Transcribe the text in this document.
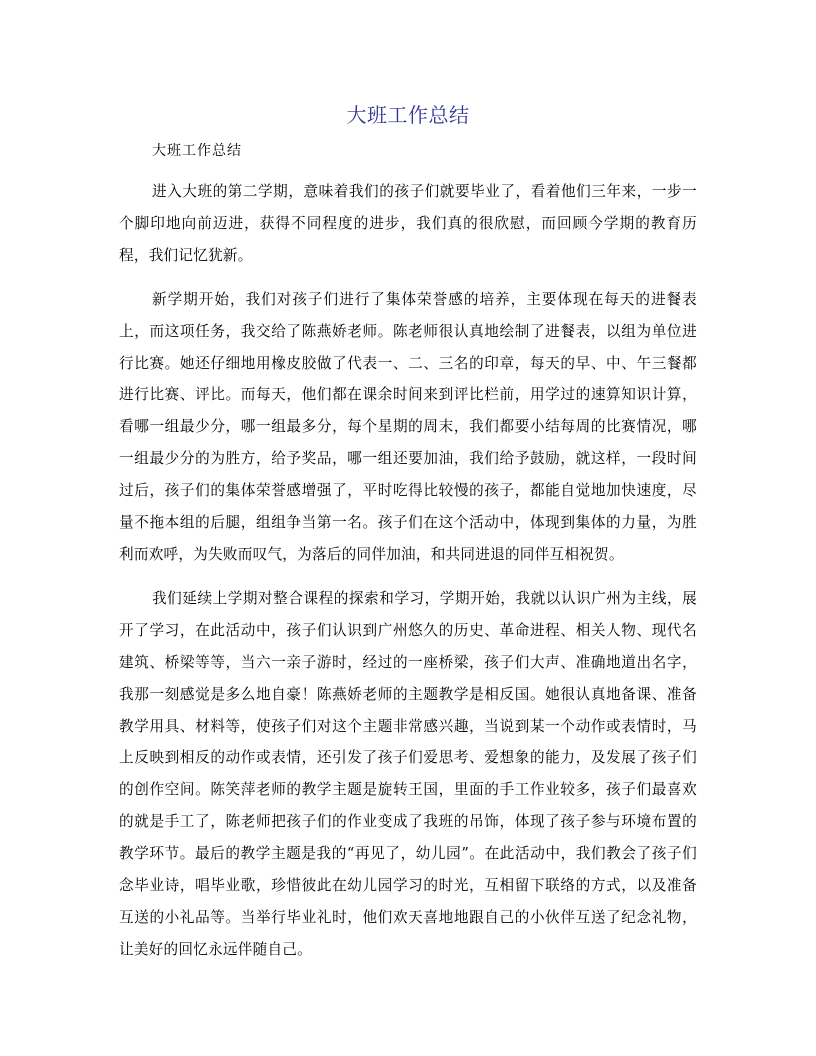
大班工作总结
大班工作总结

进入大班的第二学期，意味着我们的孩子们就要毕业了，看着他们三年来，一步一个脚印地向前迈进，获得不同程度的进步，我们真的很欣慰，而回顾今学期的教育历程，我们记忆犹新。

新学期开始，我们对孩子们进行了集体荣誉感的培养，主要体现在每天的进餐表上，而这项任务，我交给了陈燕娇老师。陈老师很认真地绘制了进餐表，以组为单位进行比赛。她还仔细地用橡皮胶做了代表一、二、三名的印章，每天的早、中、午三餐都进行比赛、评比。而每天，他们都在课余时间来到评比栏前，用学过的速算知识计算，看哪一组最少分，哪一组最多分，每个星期的周末，我们都要小结每周的比赛情况，哪一组最少分的为胜方，给予奖品，哪一组还要加油，我们给予鼓励，就这样，一段时间过后，孩子们的集体荣誉感增强了，平时吃得比较慢的孩子，都能自觉地加快速度，尽量不拖本组的后腿，组组争当第一名。孩子们在这个活动中，体现到集体的力量，为胜利而欢呼，为失败而叹气，为落后的同伴加油，和共同进退的同伴互相祝贺。

我们延续上学期对整合课程的探索和学习，学期开始，我就以认识广州为主线，展开了学习，在此活动中，孩子们认识到广州悠久的历史、革命进程、相关人物、现代名建筑、桥梁等等，当六一亲子游时，经过的一座桥梁，孩子们大声、准确地道出名字，我那一刻感觉是多么地自豪！陈燕娇老师的主题教学是相反国。她很认真地备课、准备教学用具、材料等，使孩子们对这个主题非常感兴趣，当说到某一个动作或表情时，马上反映到相反的动作或表情，还引发了孩子们爱思考、爱想象的能力，及发展了孩子们的创作空间。陈笑萍老师的教学主题是旋转王国，里面的手工作业较多，孩子们最喜欢的就是手工了，陈老师把孩子们的作业变成了我班的吊饰，体现了孩子参与环境布置的教学环节。最后的教学主题是我的“再见了，幼儿园”。在此活动中，我们教会了孩子们念毕业诗，唱毕业歌，珍惜彼此在幼儿园学习的时光，互相留下联络的方式，以及准备互送的小礼品等。当举行毕业礼时，他们欢天喜地地跟自己的小伙伴互送了纪念礼物，让美好的回忆永远伴随自己。
